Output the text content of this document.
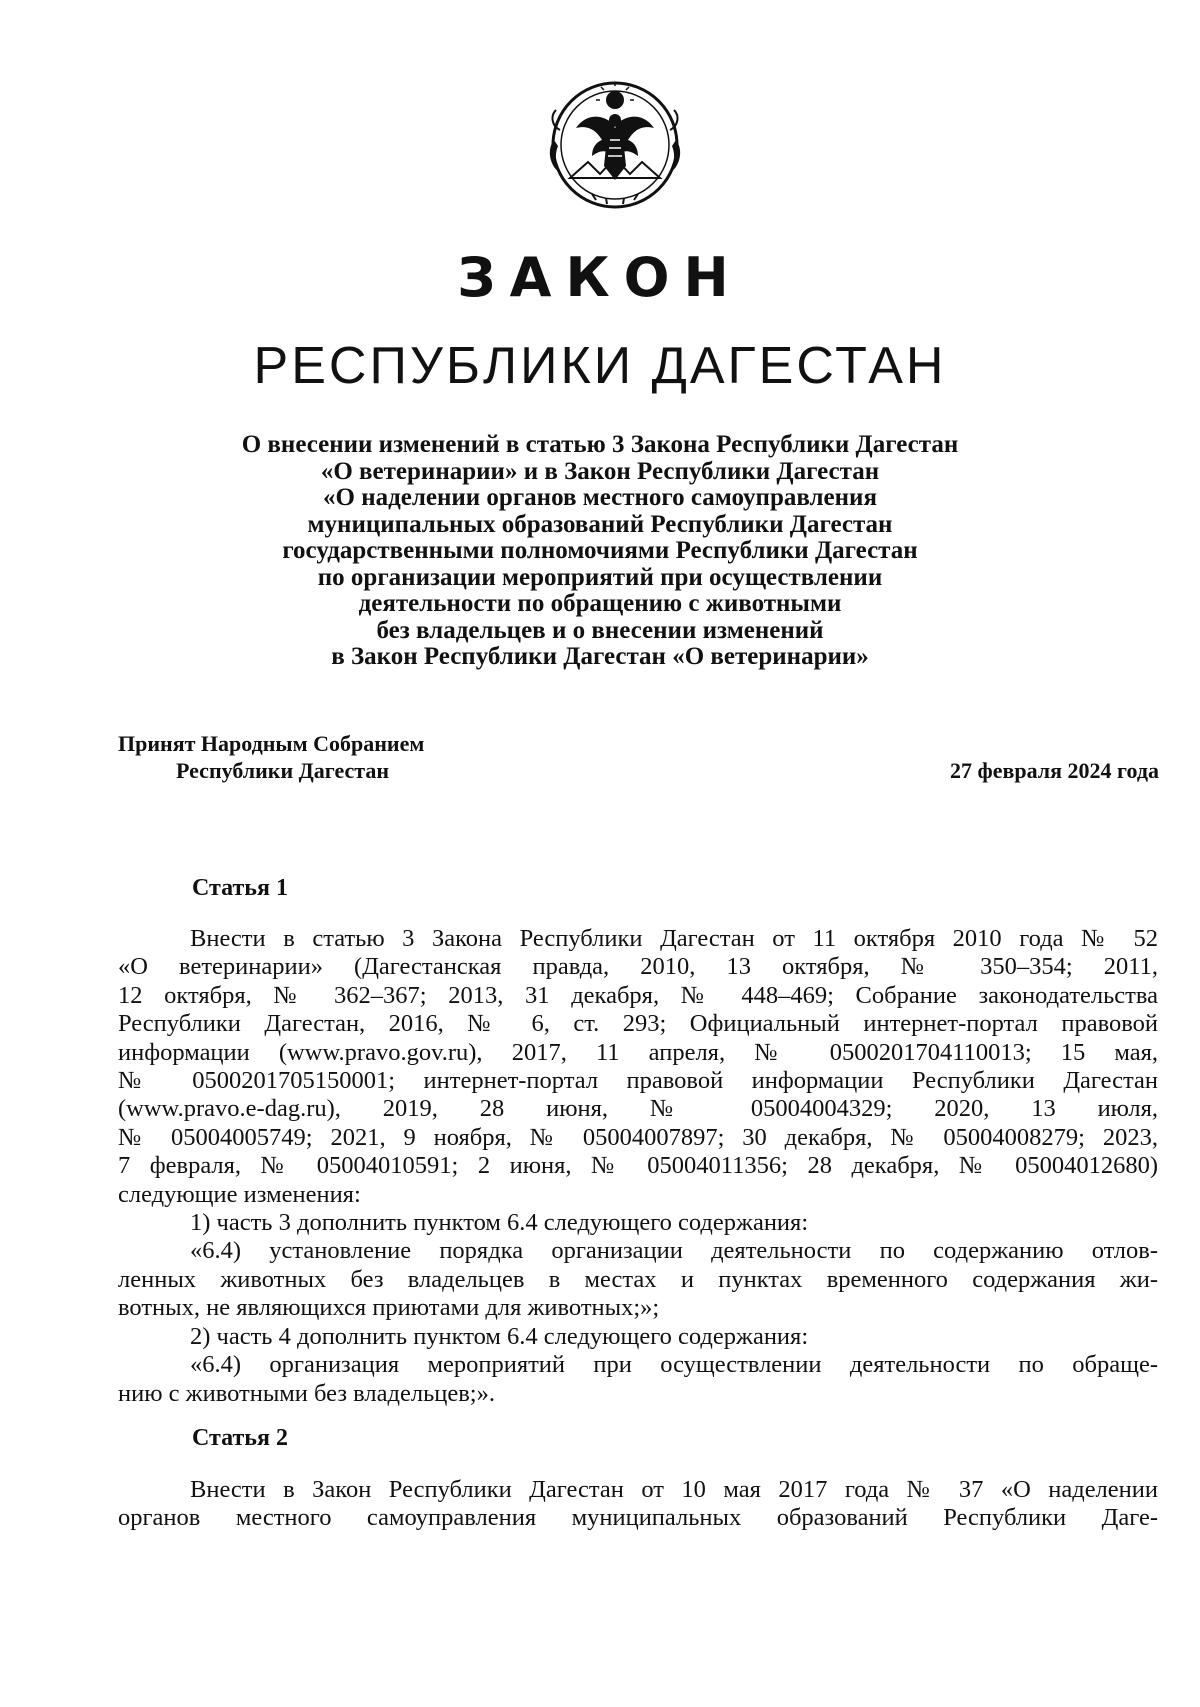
ЗАКОН
РЕСПУБЛИКИ ДАГЕСТАН
О внесении изменений в статью 3 Закона Республики Дагестан
«О ветеринарии» и в Закон Республики Дагестан
«О наделении органов местного самоуправления
муниципальных образований Республики Дагестан
государственными полномочиями Республики Дагестан
по организации мероприятий при осуществлении
деятельности по обращению с животными
без владельцев и о внесении изменений
в Закон Республики Дагестан «О ветеринарии»
Принят Народным Собранием
Республики Дагестан	27 февраля 2024 года
Статья 1
Внести в статью 3 Закона Республики Дагестан от 11 октября 2010 года № 52
«О ветеринарии» (Дагестанская правда, 2010, 13 октября, № 350–354; 2011,
12 октября, № 362–367; 2013, 31 декабря, № 448–469; Собрание законодательства
Республики Дагестан, 2016, № 6, ст. 293; Официальный интернет-портал правовой
информации (www.pravo.gov.ru), 2017, 11 апреля, № 0500201704110013; 15 мая,
№ 0500201705150001; интернет-портал правовой информации Республики Дагестан
(www.pravo.e-dag.ru), 2019, 28 июня, № 05004004329; 2020, 13 июля,
№ 05004005749; 2021, 9 ноября, № 05004007897; 30 декабря, № 05004008279; 2023,
7 февраля, № 05004010591; 2 июня, № 05004011356; 28 декабря, № 05004012680)
следующие изменения:
1) часть 3 дополнить пунктом 6.4 следующего содержания:
«6.4) установление порядка организации деятельности по содержанию отлов-
ленных животных без владельцев в местах и пунктах временного содержания жи-
вотных, не являющихся приютами для животных;»;
2) часть 4 дополнить пунктом 6.4 следующего содержания:
«6.4) организация мероприятий при осуществлении деятельности по обраще-
нию с животными без владельцев;».
Статья 2
Внести в Закон Республики Дагестан от 10 мая 2017 года № 37 «О наделении
органов местного самоуправления муниципальных образований Республики Даге-
